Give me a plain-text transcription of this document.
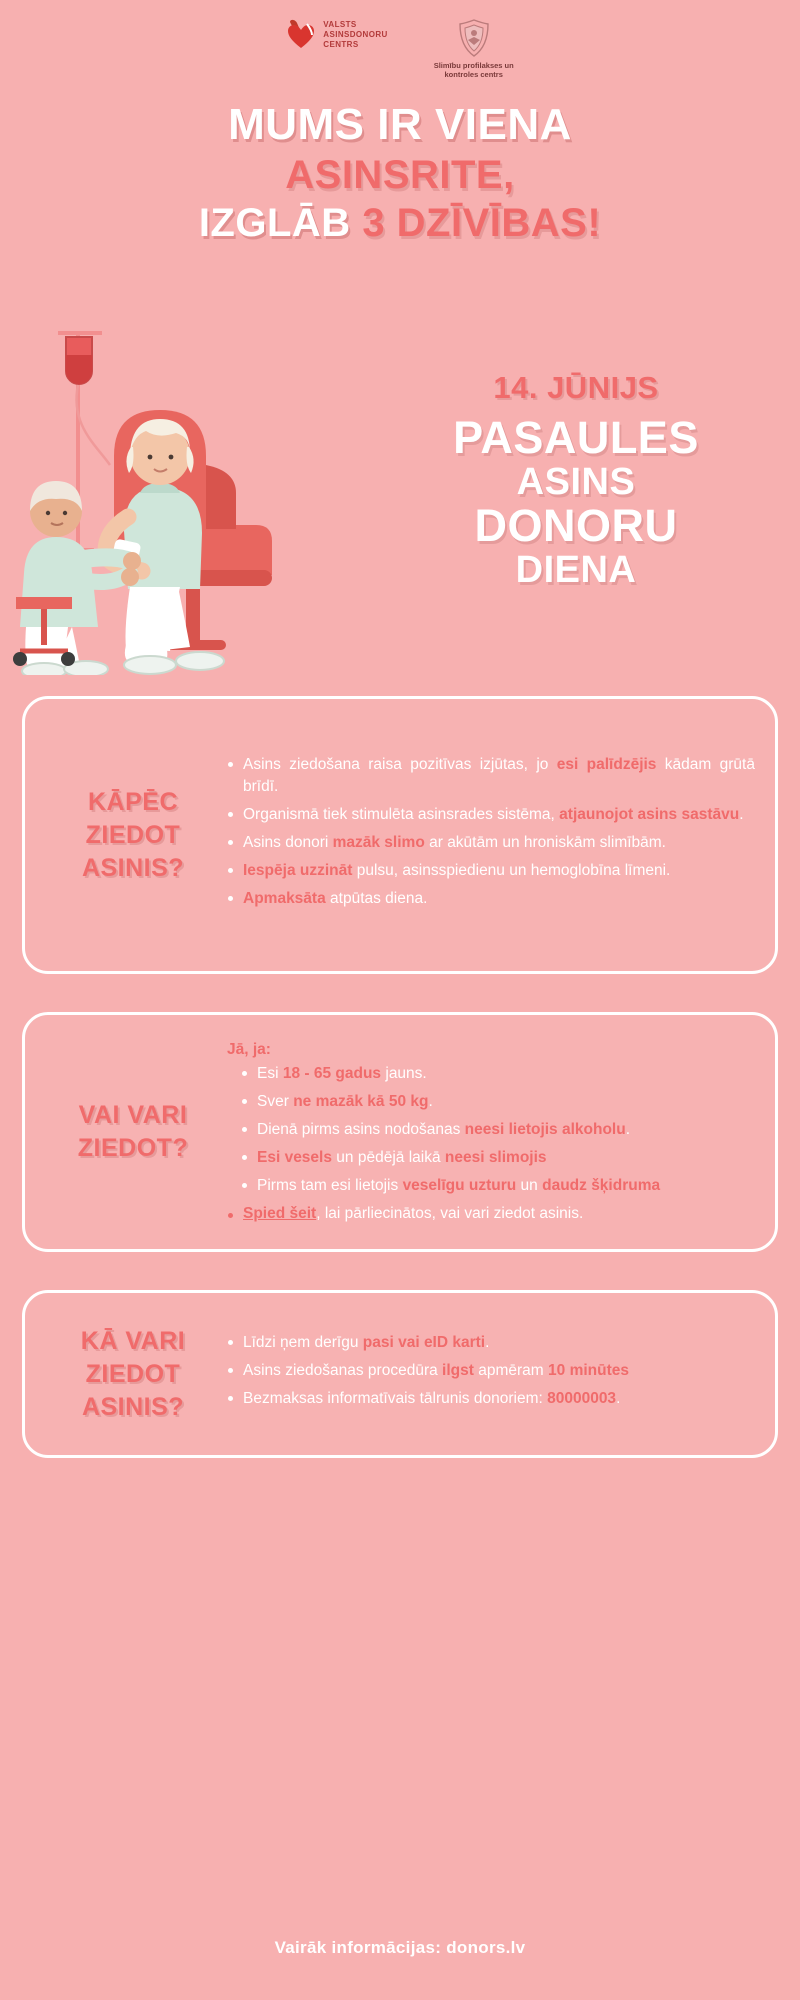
VALSTS
ASINSDONORU
CENTRS
Slimību profilakses un
kontroles centrs
MUMS IR VIENA
ASINSRITE,
IZGLĀB 3 DZĪVĪBAS!
14. JŪNIJS
PASAULES
ASINS
DONORU
DIENA
KĀPĒC ZIEDOT ASINIS?
Asins ziedošana raisa pozitīvas izjūtas, jo esi palīdzējis kādam grūtā brīdī.
Organismā tiek stimulēta asinsrades sistēma, atjaunojot asins sastāvu.
Asins donori mazāk slimo ar akūtām un hroniskām slimībām.
Iespēja uzzināt pulsu, asinsspiedienu un hemoglobīna līmeni.
Apmaksāta atpūtas diena.
VAI VARI ZIEDOT?
Jā, ja:
Esi 18 - 65 gadus jauns.
Sver ne mazāk kā 50 kg.
Dienā pirms asins nodošanas neesi lietojis alkoholu.
Esi vesels un pēdējā laikā neesi slimojis
Pirms tam esi lietojis veselīgu uzturu un daudz šķidruma
Spied šeit, lai pārliecinātos, vai vari ziedot asinis.
KĀ VARI ZIEDOT ASINIS?
Līdzi ņem derīgu pasi vai eID karti.
Asins ziedošanas procedūra ilgst apmēram 10 minūtes
Bezmaksas informatīvais tālrunis donoriem: 80000003.
Vairāk informācijas: donors.lv
